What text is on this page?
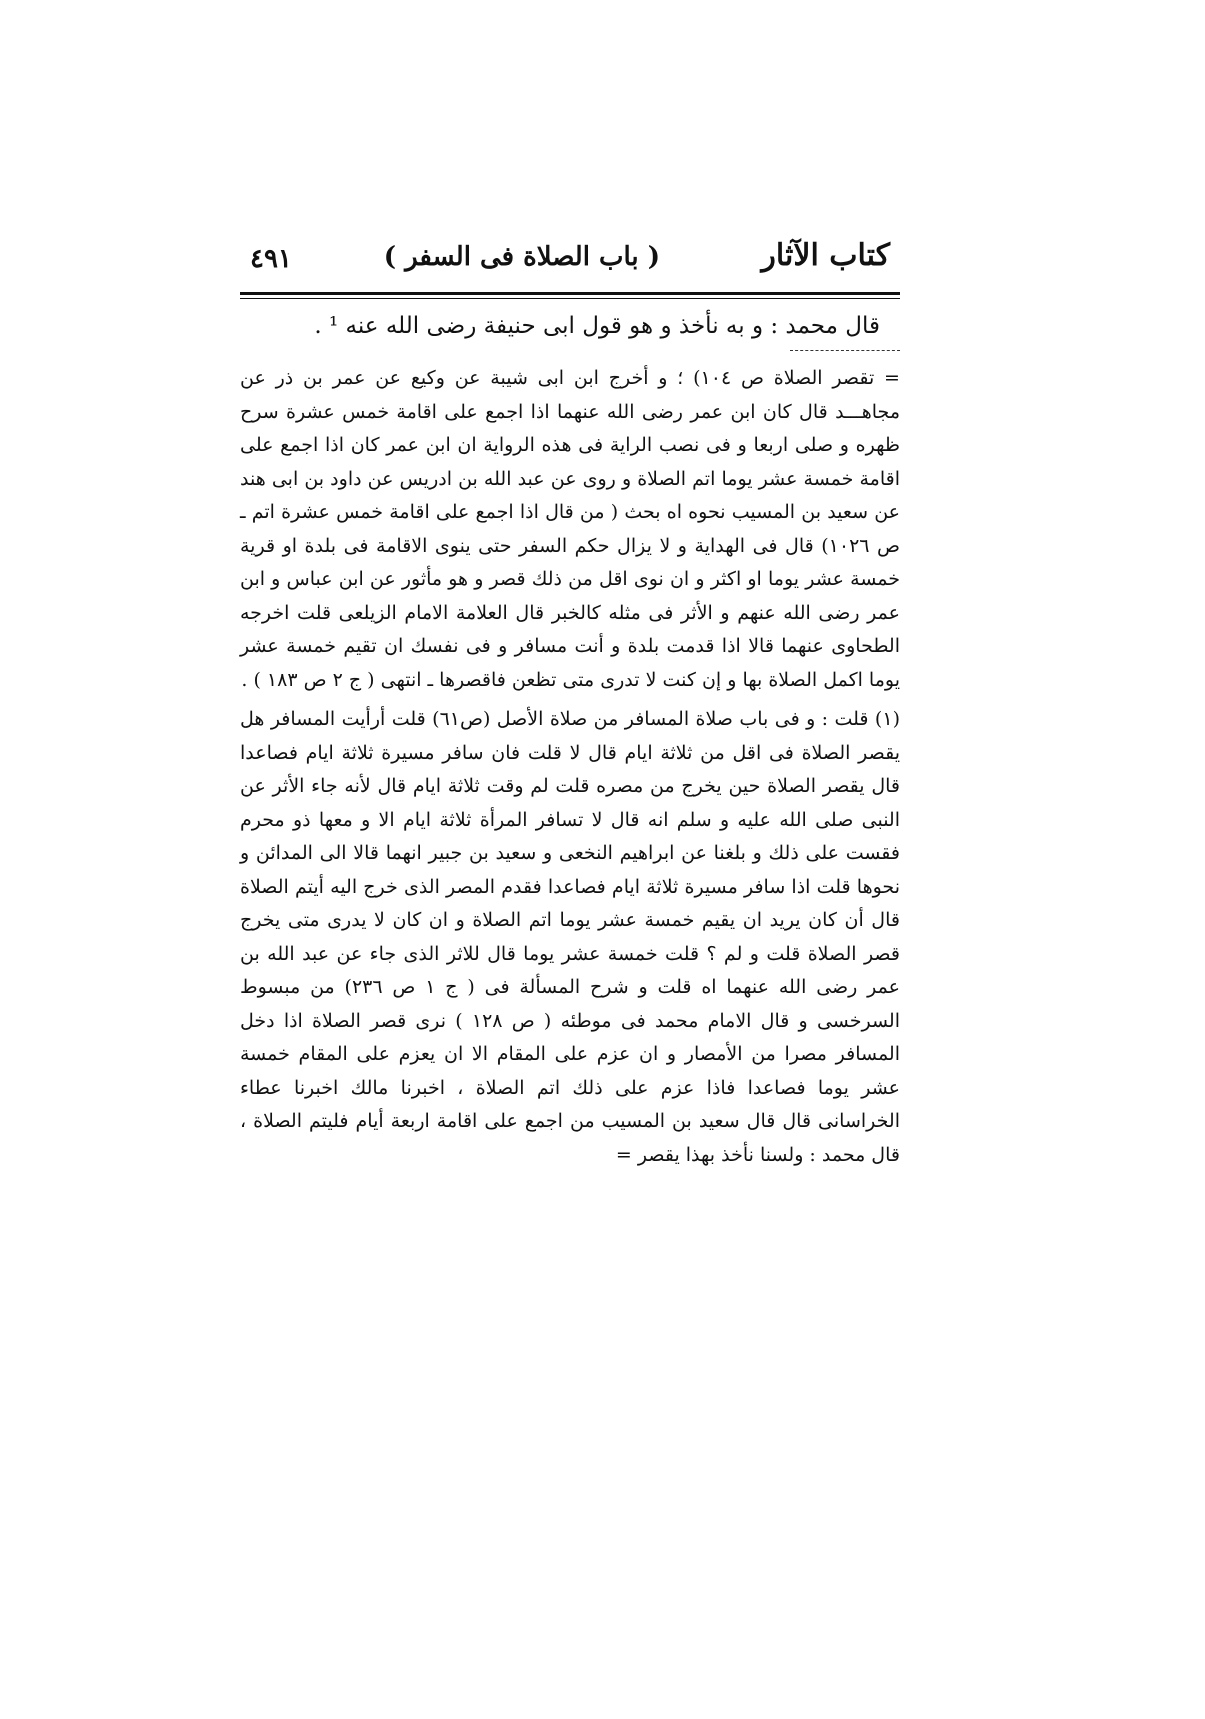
كتاب الآثار
( باب الصلاة فى السفر )
٤٩١
قال محمد : و به نأخذ و هو قول ابى حنيفة رضى الله عنه ¹ .

= تقصر الصلاة ص ١٠٤) ؛ و أخرج ابن ابى شيبة عن وكيع عن عمر بن ذر عن مجاهـــد قال كان ابن عمر رضى الله عنهما اذا اجمع على اقامة خمس عشرة سرح ظهره و صلى اربعا و فى نصب الراية فى هذه الرواية ان ابن عمر كان اذا اجمع على اقامة خمسة عشر يوما اتم الصلاة و روى عن عبد الله بن ادريس عن داود بن ابى هند عن سعيد بن المسيب نحوه اه بحث ( من قال اذا اجمع على اقامة خمس عشرة اتم ـ ص ١٠٢٦) قال فى الهداية و لا يزال حكم السفر حتى ينوى الاقامة فى بلدة او قرية خمسة عشر يوما او اكثر و ان نوى اقل من ذلك قصر و هو مأثور عن ابن عباس و ابن عمر رضى الله عنهم و الأثر فى مثله كالخبر قال العلامة الامام الزيلعى قلت اخرجه الطحاوى عنهما قالا اذا قدمت بلدة و أنت مسافر و فى نفسك ان تقيم خمسة عشر يوما اكمل الصلاة بها و إن كنت لا تدرى متى تظعن فاقصرها ـ انتهى ( ج ٢ ص ١٨٣ ) .

(١) قلت : و فى باب صلاة المسافر من صلاة الأصل (ص٦١) قلت أرأيت المسافر هل يقصر الصلاة فى اقل من ثلاثة ايام قال لا قلت فان سافر مسيرة ثلاثة ايام فصاعدا قال يقصر الصلاة حين يخرج من مصره قلت لم وقت ثلاثة ايام قال لأنه جاء الأثر عن النبى صلى الله عليه و سلم انه قال لا تسافر المرأة ثلاثة ايام الا و معها ذو محرم فقست على ذلك و بلغنا عن ابراهيم النخعى و سعيد بن جبير انهما قالا الى المدائن و نحوها قلت اذا سافر مسيرة ثلاثة ايام فصاعدا فقدم المصر الذى خرج اليه أيتم الصلاة قال أن كان يريد ان يقيم خمسة عشر يوما اتم الصلاة و ان كان لا يدرى متى يخرج قصر الصلاة قلت و لم ؟ قلت خمسة عشر يوما قال للاثر الذى جاء عن عبد الله بن عمر رضى الله عنهما اه قلت و شرح المسألة فى ( ج ١ ص ٢٣٦) من مبسوط السرخسى و قال الامام محمد فى موطئه ( ص ١٢٨ ) نرى قصر الصلاة اذا دخل المسافر مصرا من الأمصار و ان عزم على المقام الا ان يعزم على المقام خمسة عشر يوما فصاعدا فاذا عزم على ذلك اتم الصلاة ، اخبرنا مالك اخبرنا عطاء الخراسانى قال قال سعيد بن المسيب من اجمع على اقامة اربعة أيام فليتم الصلاة ، قال محمد : ولسنا نأخذ بهذا يقصر =
